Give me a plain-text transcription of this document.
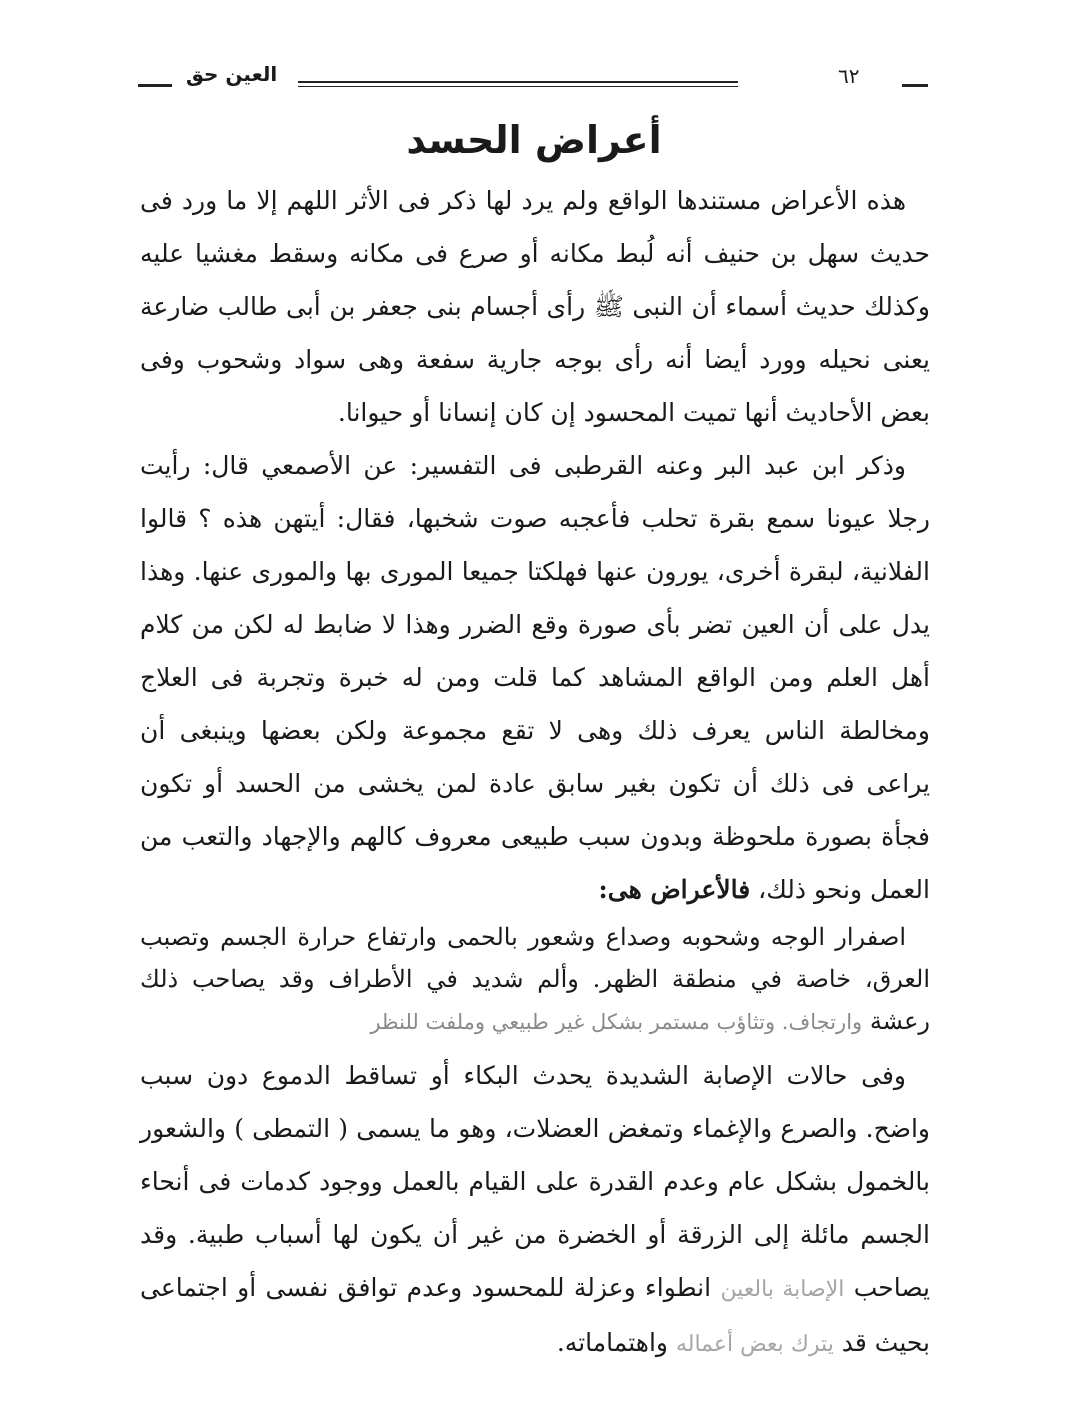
العين حق	٦٢
أعراض الحسد

هذه الأعراض مستندها الواقع ولم يرد لها ذكر فى الأثر اللهم إلا ما ورد فى حديث سهل بن حنيف أنه لُبط مكانه أو صرع فى مكانه وسقط مغشيا عليه وكذلك حديث أسماء أن النبى ﷺ رأى أجسام بنى جعفر بن أبى طالب ضارعة يعنى نحيله وورد أيضا أنه رأى بوجه جارية سفعة وهى سواد وشحوب وفى بعض الأحاديث أنها تميت المحسود إن كان إنسانا أو حيوانا.

وذكر ابن عبد البر وعنه القرطبى فى التفسير: عن الأصمعي قال: رأيت رجلا عيونا سمع بقرة تحلب فأعجبه صوت شخبها، فقال: أيتهن هذه ؟ قالوا الفلانية، لبقرة أخرى، يورون عنها فهلكتا جميعا المورى بها والمورى عنها. وهذا يدل على أن العين تضر بأى صورة وقع الضرر وهذا لا ضابط له لكن من كلام أهل العلم ومن الواقع المشاهد كما قلت ومن له خبرة وتجربة فى العلاج ومخالطة الناس يعرف ذلك وهى لا تقع مجموعة ولكن بعضها وينبغى أن يراعى فى ذلك أن تكون بغير سابق عادة لمن يخشى من الحسد أو تكون فجأة بصورة ملحوظة وبدون سبب طبيعى معروف كالهم والإجهاد والتعب من العمل ونحو ذلك، فالأعراض هى:

اصفرار الوجه وشحوبه وصداع وشعور بالحمى وارتفاع حرارة الجسم وتصبب العرق، خاصة في منطقة الظهر. وألم شديد في الأطراف وقد يصاحب ذلك رعشة وارتجاف. وتثاؤب مستمر بشكل غير طبيعي وملفت للنظر

وفى حالات الإصابة الشديدة يحدث البكاء أو تساقط الدموع دون سبب واضح. والصرع والإغماء وتمغض العضلات، وهو ما يسمى ( التمطى ) والشعور بالخمول بشكل عام وعدم القدرة على القيام بالعمل ووجود كدمات فى أنحاء الجسم مائلة إلى الزرقة أو الخضرة من غير أن يكون لها أسباب طبية. وقد يصاحب الإصابة بالعين انطواء وعزلة للمحسود وعدم توافق نفسى أو اجتماعى بحيث قد يترك بعض أعماله واهتماماته.
